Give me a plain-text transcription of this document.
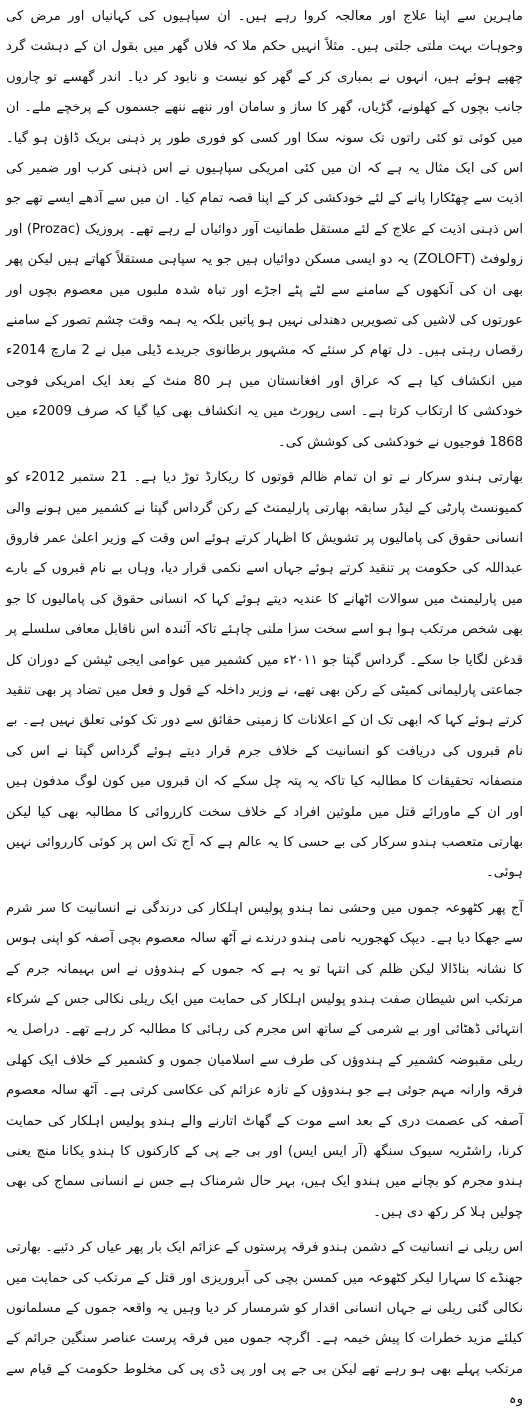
ماہرین سے اپنا علاج اور معالجہ کروا رہے ہیں۔ ان سپاہیوں کی کہانیاں اور مرض کی وجوہات بہت ملتی جلتی ہیں۔ مثلاً انہیں حکم ملا کہ فلاں گھر میں بقول ان کے دہشت گرد چھپے ہوئے ہیں، انہوں نے بمباری کر کے گھر کو نیست و نابود کر دیا۔ اندر گھسے تو چاروں جانب بچوں کے کھلونے، گڑیاں، گھر کا ساز و سامان اور ننھے ننھے جسموں کے پرخچے ملے۔ ان میں کوئی تو کئی راتوں تک سونہ سکا اور کسی کو فوری طور پر ذہنی بریک ڈاؤن ہو گیا۔ اس کی ایک مثال یہ ہے کہ ان میں کئی امریکی سپاہیوں نے اس ذہنی کرب اور ضمیر کی اذیت سے چھٹکارا پانے کے لئے خودکشی کر کے اپنا قصہ تمام کیا۔ ان میں سے آدھے ایسے تھے جو اس ذہنی اذیت کے علاج کے لئے مستقل طمانیت آور دوائیاں لے رہے تھے۔ پروزیک (Prozac) اور زولوفٹ (ZOLOFT) یہ دو ایسی مسکن دوائیاں ہیں جو یہ سپاہی مستقلاً کھاتے ہیں لیکن پھر بھی ان کی آنکھوں کے سامنے سے لٹے پٹے اجڑے اور تباہ شدہ ملبوں میں معصوم بچوں اور عورتوں کی لاشیں کی تصویریں دھندلی نہیں ہو پاتیں بلکہ یہ ہمہ وقت چشم تصور کے سامنے رقصاں رہتی ہیں۔ دل تھام کر سنئے کہ مشہور برطانوی جریدے ڈیلی میل نے 2 مارچ 2014ء میں انکشاف کیا ہے کہ عراق اور افغانستان میں ہر 80 منٹ کے بعد ایک امریکی فوجی خودکشی کا ارتکاب کرتا ہے۔ اسی رپورٹ میں یہ انکشاف بھی کیا گیا کہ صرف 2009ء میں 1868 فوجیوں نے خودکشی کی کوشش کی۔

بھارتی ہندو سرکار نے تو ان تمام ظالم قوتوں کا ریکارڈ توڑ دیا ہے۔ 21 ستمبر 2012ء کو کمیونسٹ پارٹی کے لیڈر سابقہ بھارتی پارلیمنٹ کے رکن گرداس گپتا نے کشمیر میں ہونے والی انسانی حقوق کی پامالیوں پر تشویش کا اظہار کرتے ہوئے اس وقت کے وزیر اعلیٰ عمر فاروق عبداللہ کی حکومت پر تنقید کرتے ہوئے جہاں اسے نکمی قرار دیا، وہاں بے نام قبروں کے بارے میں پارلیمنٹ میں سوالات اٹھانے کا عندیہ دیتے ہوئے کہا کہ انسانی حقوق کی پامالیوں کا جو بھی شخص مرتکب ہوا ہو اسے سخت سزا ملنی چاہئے تاکہ آئندہ اس ناقابل معافی سلسلے پر قدغن لگایا جا سکے۔ گرداس گپتا جو ۲۰۱۱ء میں کشمیر میں عوامی ایجی ٹیشن کے دوران کل جماعتی پارلیمانی کمیٹی کے رکن بھی تھے، نے وزیر داخلہ کے قول و فعل میں تضاد پر بھی تنقید کرتے ہوئے کہا کہ ابھی تک ان کے اعلانات کا زمینی حقائق سے دور تک کوئی تعلق نہیں ہے۔ بے نام قبروں کی دریافت کو انسانیت کے خلاف جرم قرار دیتے ہوئے گرداس گپتا نے اس کی منصفانہ تحقیقات کا مطالبہ کیا تاکہ یہ پتہ چل سکے کہ ان قبروں میں کون لوگ مدفون ہیں اور ان کے ماورائے قتل میں ملوثین افراد کے خلاف سخت کارروائی کا مطالبہ بھی کیا لیکن بھارتی متعصب ہندو سرکار کی بے حسی کا یہ عالم ہے کہ آج تک اس پر کوئی کارروائی نہیں ہوئی۔

آج پھر کٹھوعہ جموں میں وحشی نما ہندو پولیس اہلکار کی درندگی نے انسانیت کا سر شرم سے جھکا دیا ہے۔ دیپک کھجوریہ نامی ہندو درندے نے آٹھ سالہ معصوم بچی آصفہ کو اپنی ہوس کا نشانہ بناڈالا لیکن ظلم کی انتہا تو یہ ہے کہ جموں کے ہندوؤں نے اس بہیمانہ جرم کے مرتکب اس شیطان صفت ہندو پولیس اہلکار کی حمایت میں ایک ریلی نکالی جس کے شرکاء انتہائی ڈھٹائی اور بے شرمی کے ساتھ اس مجرم کی رہائی کا مطالبہ کر رہے تھے۔ دراصل یہ ریلی مقبوضہ کشمیر کے ہندوؤں کی طرف سے اسلامیان جموں و کشمیر کے خلاف ایک کھلی فرقہ وارانہ مہم جوئی ہے جو ہندوؤں کے تازہ عزائم کی عکاسی کرتی ہے۔ آٹھ سالہ معصوم آصفہ کی عصمت دری کے بعد اسے موت کے گھاٹ اتارنے والے ہندو پولیس اہلکار کی حمایت کرنا، راشٹریہ سیوک سنگھ (آر ایس ایس) اور بی جے پی کے کارکنوں کا ہندو یکانا منچ یعنی ہندو مجرم کو بچانے میں ہندو ایک ہیں، بہر حال شرمناک ہے جس نے انسانی سماج کی بھی چولیں ہلا کر رکھ دی ہیں۔

اس ریلی نے انسانیت کے دشمن ہندو فرقہ پرستوں کے عزائم ایک بار پھر عیاں کر دئیے۔ بھارتی جھنڈے کا سہارا لیکر کٹھوعہ میں کمسن بچی کی آبروریزی اور قتل کے مرتکب کی حمایت میں نکالی گئی ریلی نے جہاں انسانی اقدار کو شرمسار کر دیا وہیں یہ واقعہ جموں کے مسلمانوں کیلئے مزید خطرات کا پیش خیمہ ہے۔ اگرچہ جموں میں فرقہ پرست عناصر سنگین جرائم کے مرتکب پہلے بھی ہو رہے تھے لیکن بی جے پی اور پی ڈی پی کی مخلوط حکومت کے قیام سے وہ
